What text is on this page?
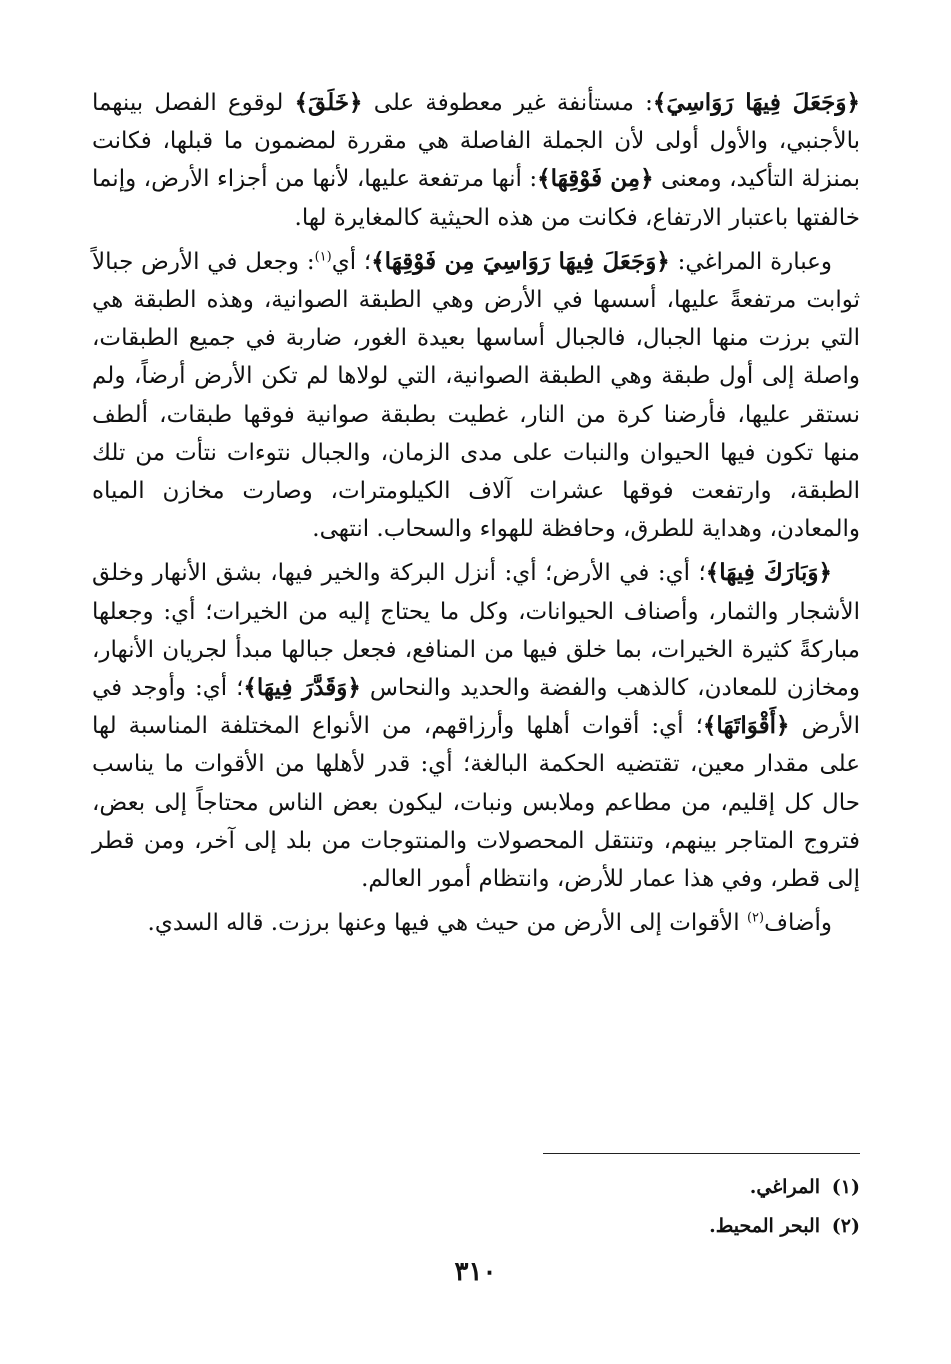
﴿وَجَعَلَ فِيهَا رَوَاسِيَ﴾: مستأنفة غير معطوفة على ﴿خَلَقَ﴾ لوقوع الفصل بينهما بالأجنبي، والأول أولى لأن الجملة الفاصلة هي مقررة لمضمون ما قبلها، فكانت بمنزلة التأكيد، ومعنى ﴿مِن فَوْقِهَا﴾: أنها مرتفعة عليها، لأنها من أجزاء الأرض، وإنما خالفتها باعتبار الارتفاع، فكانت من هذه الحيثية كالمغايرة لها.

وعبارة المراغي: ﴿وَجَعَلَ فِيهَا رَوَاسِيَ مِن فَوْقِهَا﴾؛ أي$^{(١)}$: وجعل في الأرض جبالاً ثوابت مرتفعةً عليها، أسسها في الأرض وهي الطبقة الصوانية، وهذه الطبقة هي التي برزت منها الجبال، فالجبال أساسها بعيدة الغور، ضاربة في جميع الطبقات، واصلة إلى أول طبقة وهي الطبقة الصوانية، التي لولاها لم تكن الأرض أرضاً، ولم نستقر عليها، فأرضنا كرة من النار، غطيت بطبقة صوانية فوقها طبقات، ألطف منها تكون فيها الحيوان والنبات على مدى الزمان، والجبال نتوءات نتأت من تلك الطبقة، وارتفعت فوقها عشرات آلاف الكيلومترات، وصارت مخازن المياه والمعادن، وهداية للطرق، وحافظة للهواء والسحاب. انتهى.

﴿وَبَارَكَ فِيهَا﴾؛ أي: في الأرض؛ أي: أنزل البركة والخير فيها، بشق الأنهار وخلق الأشجار والثمار، وأصناف الحيوانات، وكل ما يحتاج إليه من الخيرات؛ أي: وجعلها مباركةً كثيرة الخيرات، بما خلق فيها من المنافع، فجعل جبالها مبدأ لجريان الأنهار، ومخازن للمعادن، كالذهب والفضة والحديد والنحاس ﴿وَقَدَّرَ فِيهَا﴾؛ أي: وأوجد في الأرض ﴿أَقْوَاتَهَا﴾؛ أي: أقوات أهلها وأرزاقهم، من الأنواع المختلفة المناسبة لها على مقدار معين، تقتضيه الحكمة البالغة؛ أي: قدر لأهلها من الأقوات ما يناسب حال كل إقليم، من مطاعم وملابس ونبات، ليكون بعض الناس محتاجاً إلى بعض، فتروج المتاجر بينهم، وتنتقل المحصولات والمنتوجات من بلد إلى آخر، ومن قطر إلى قطر، وفي هذا عمار للأرض، وانتظام أمور العالم.

وأضاف$^{(٢)}$ الأقوات إلى الأرض من حيث هي فيها وعنها برزت. قاله السدي.

(١)المراغي.
(٢)البحر المحيط.
٣١٠
